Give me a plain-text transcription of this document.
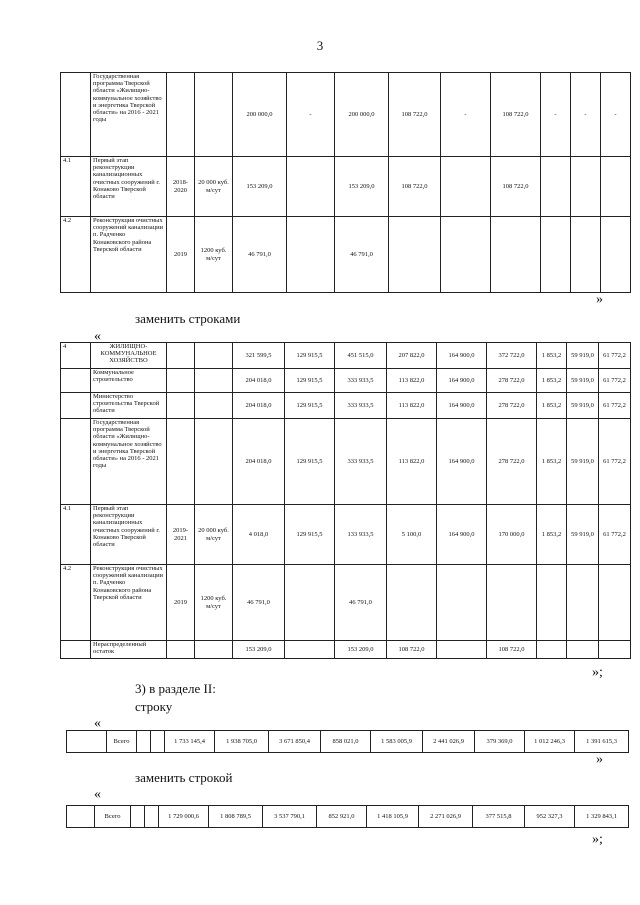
3
	Государственная программа Тверской области «Жилищно-коммунальное хозяйство и энергетика Тверской области» на 2016 - 2021 годы			200 000,0	-	200 000,0	108 722,0	-	108 722,0	-	-	-
4.1	Первый этап реконструкции канализационных очистных сооружений г. Конаково Тверской области	2018-2020	20 000 куб. м/сут	153 209,0		153 209,0	108 722,0		108 722,0			
4.2	Реконструкция очистных сооружений канализации п. Радченко Конаковского района Тверской области	2019	1200 куб. м/сут	46 791,0		46 791,0						
»
заменить строками
«
4	ЖИЛИЩНО-КОММУНАЛЬНОЕ ХОЗЯЙСТВО			321 599,5	129 915,5	451 515,0	207 822,0	164 900,0	372 722,0	1 853,2	59 919,0	61 772,2
	Коммунальное строительство			204 018,0	129 915,5	333 933,5	113 822,0	164 900,0	278 722,0	1 853,2	59 919,0	61 772,2
	Министерство строительства Тверской области			204 018,0	129 915,5	333 933,5	113 822,0	164 900,0	278 722,0	1 853,2	59 919,0	61 772,2
	Государственная программа Тверской области «Жилищно-коммунальное хозяйство и энергетика Тверской области» на 2016 - 2021 годы			204 018,0	129 915,5	333 933,5	113 822,0	164 900,0	278 722,0	1 853,2	59 919,0	61 772,2
4.1	Первый этап реконструкции канализационных очистных сооружений г. Конаково Тверской области	2019-2021	20 000 куб. м/сут	4 018,0	129 915,5	133 933,5	5 100,0	164 900,0	170 000,0	1 853,2	59 919,0	61 772,2
4.2	Реконструкция очистных сооружений канализации п. Радченко Конаковского района Тверской области	2019	1200 куб. м/сут	46 791,0		46 791,0						
	Нераспределенный остаток			153 209,0		153 209,0	108 722,0		108 722,0			
»;
3) в разделе II:
строку
«
	Всего			1 733 145,4	1 938 705,0	3 671 850,4	858 021,0	1 583 005,9	2 441 026,9	379 369,0	1 012 246,3	1 391 615,3
»
заменить строкой
«
	Всего			1 729 000,6	1 808 789,5	3 537 790,1	852 921,0	1 418 105,9	2 271 026,9	377 515,8	952 327,3	1 329 843,1
»;
